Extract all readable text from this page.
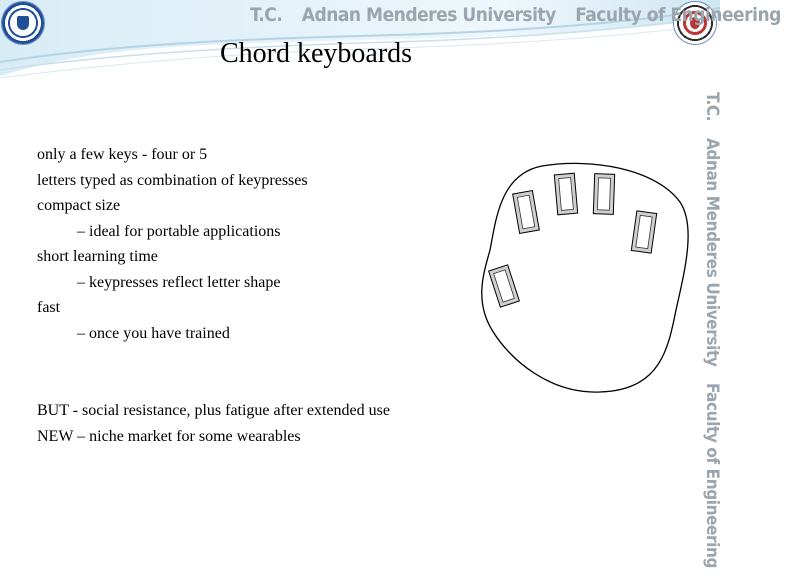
T.C. Adnan Menderes University Faculty of Engineering
T.C. Adnan Menderes University Faculty of Engineering
Chord keyboards
only a few keys - four or 5
letters typed as combination of keypresses
compact size
– ideal for portable applications
short learning time
– keypresses reflect letter shape
fast
– once you have trained
BUT - social resistance, plus fatigue after extended use
NEW – niche market for some wearables
